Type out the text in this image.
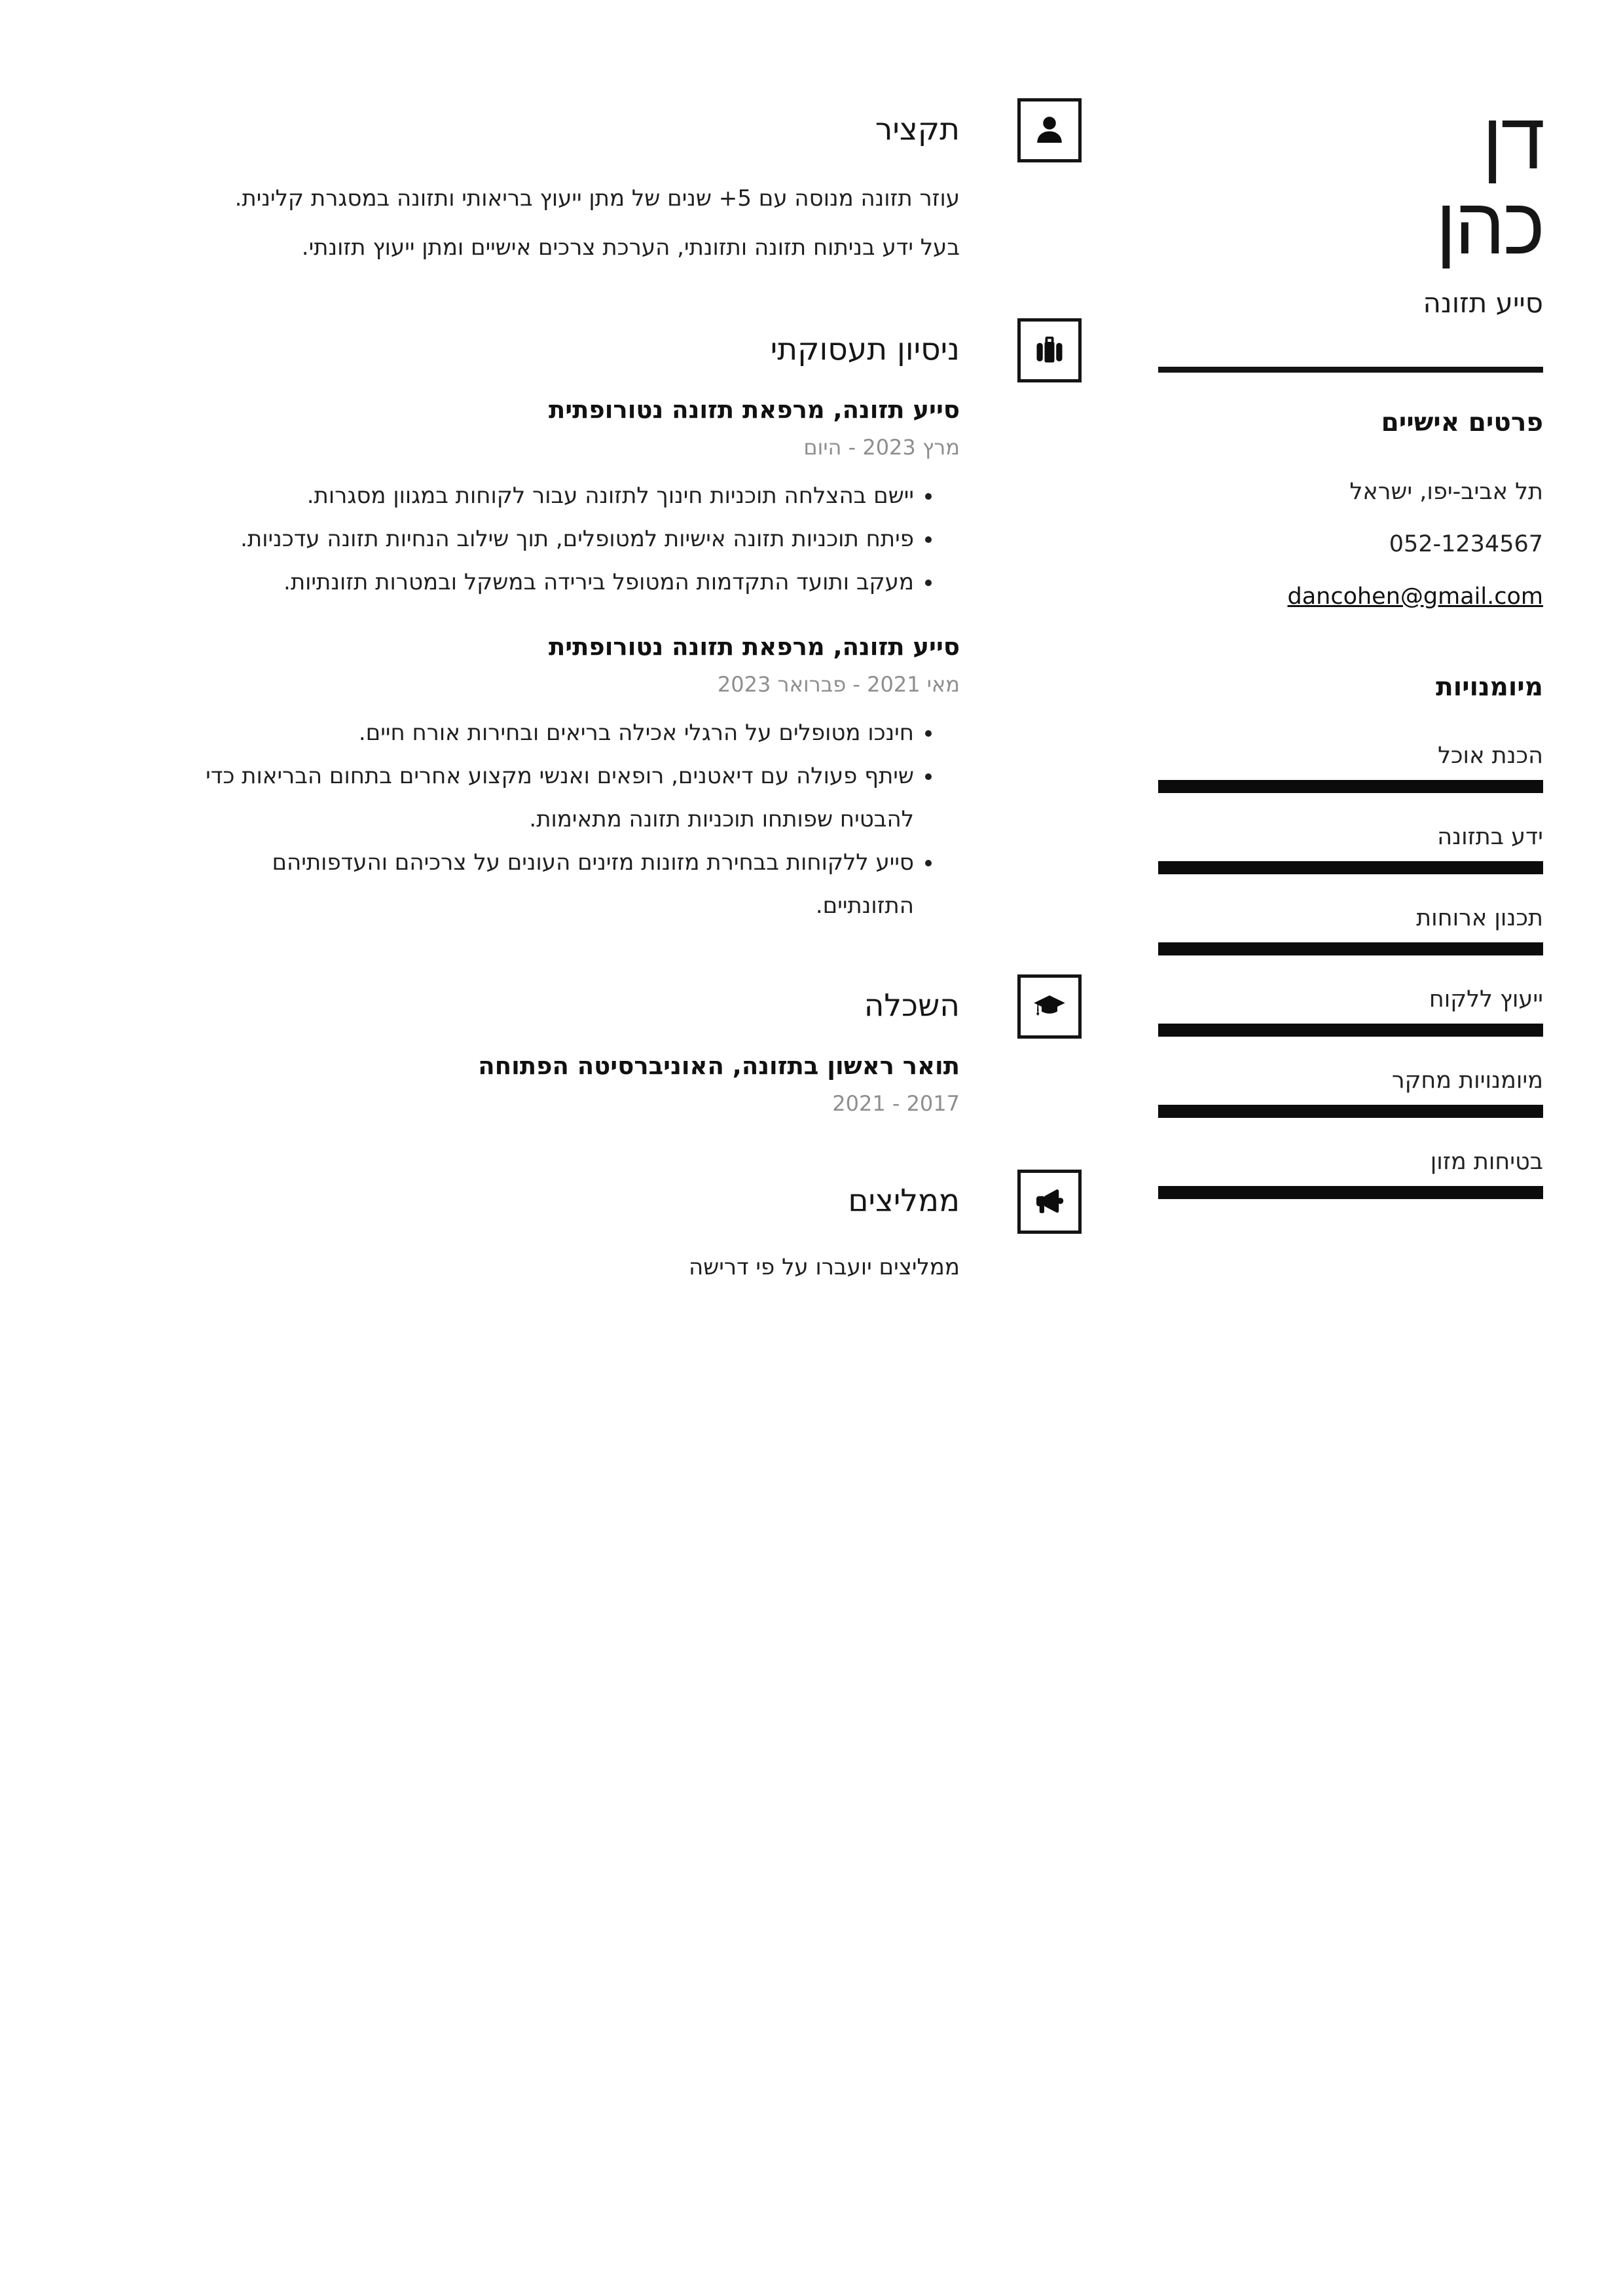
דן
כהן
סייע תזונה
פרטים אישיים
תל אביב-יפו, ישראל
052-1234567
dancohen@gmail.com
מיומנויות
הכנת אוכל
ידע בתזונה
תכנון ארוחות
ייעוץ ללקוח
מיומנויות מחקר
בטיחות מזון
תקציר

עוזר תזונה מנוסה עם 5+ שנים של מתן ייעוץ בריאותי ותזונה במסגרת קלינית. בעל ידע בניתוח תזונה ותזונתי, הערכת צרכים אישיים ומתן ייעוץ תזונתי.

ניסיון תעסוקתי
סייע תזונה, מרפאת תזונה נטורופתית
מרץ 2023 - היום
• יישם בהצלחה תוכניות חינוך לתזונה עבור לקוחות במגוון מסגרות.
• פיתח תוכניות תזונה אישיות למטופלים, תוך שילוב הנחיות תזונה עדכניות.
• מעקב ותועד התקדמות המטופל בירידה במשקל ובמטרות תזונתיות.
סייע תזונה, מרפאת תזונה נטורופתית
מאי 2021 - פברואר 2023
• חינכו מטופלים על הרגלי אכילה בריאים ובחירות אורח חיים.
• שיתף פעולה עם דיאטנים, רופאים ואנשי מקצוע אחרים בתחום הבריאות כדי להבטיח שפותחו תוכניות תזונה מתאימות.
• סייע ללקוחות בבחירת מזונות מזינים העונים על צרכיהם והעדפותיהם התזונתיים.
השכלה
תואר ראשון בתזונה, האוניברסיטה הפתוחה
2017 - 2021
ממליצים

ממליצים יועברו על פי דרישה
